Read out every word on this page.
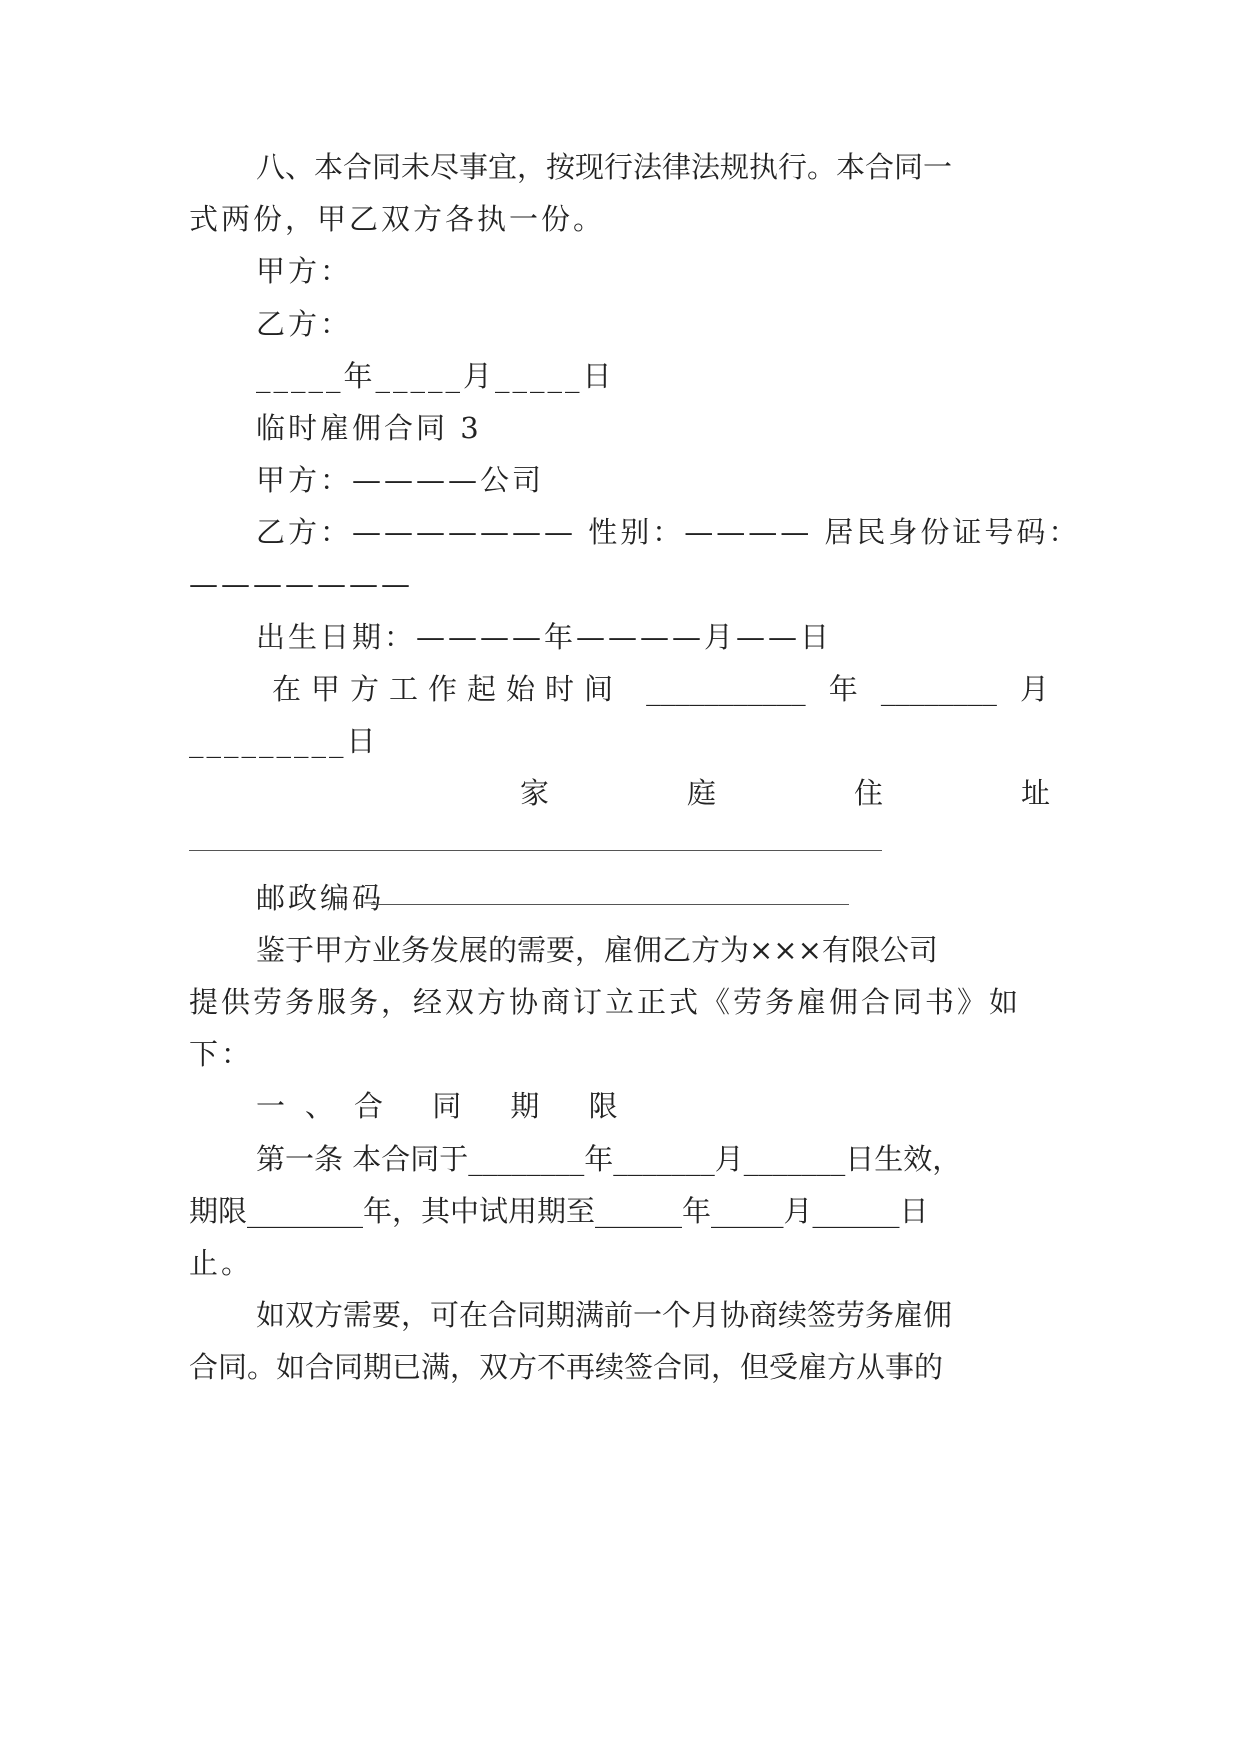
八、本合同未尽事宜，按现行法律法规执行。本合同一
式两份，甲乙双方各执一份。
甲方：
乙方：
_____年_____月_____日
临时雇佣合同 3
甲方：————公司
乙方：——————— 性别：———— 居民身份证号码：
———————
出生日期：————年————月——日
在甲方工作起始时间 ___________ 年 ________ 月
_________日
家	庭	住	址
邮政编码
鉴于甲方业务发展的需要，雇佣乙方为×××有限公司
提供劳务服务，经双方协商订立正式《劳务雇佣合同书》如
下：
一、合 同 期 限
第一条 本合同于________年_______月_______日生效，
期限________年，其中试用期至______年_____月______日
止。
如双方需要，可在合同期满前一个月协商续签劳务雇佣
合同。如合同期已满，双方不再续签合同，但受雇方从事的
